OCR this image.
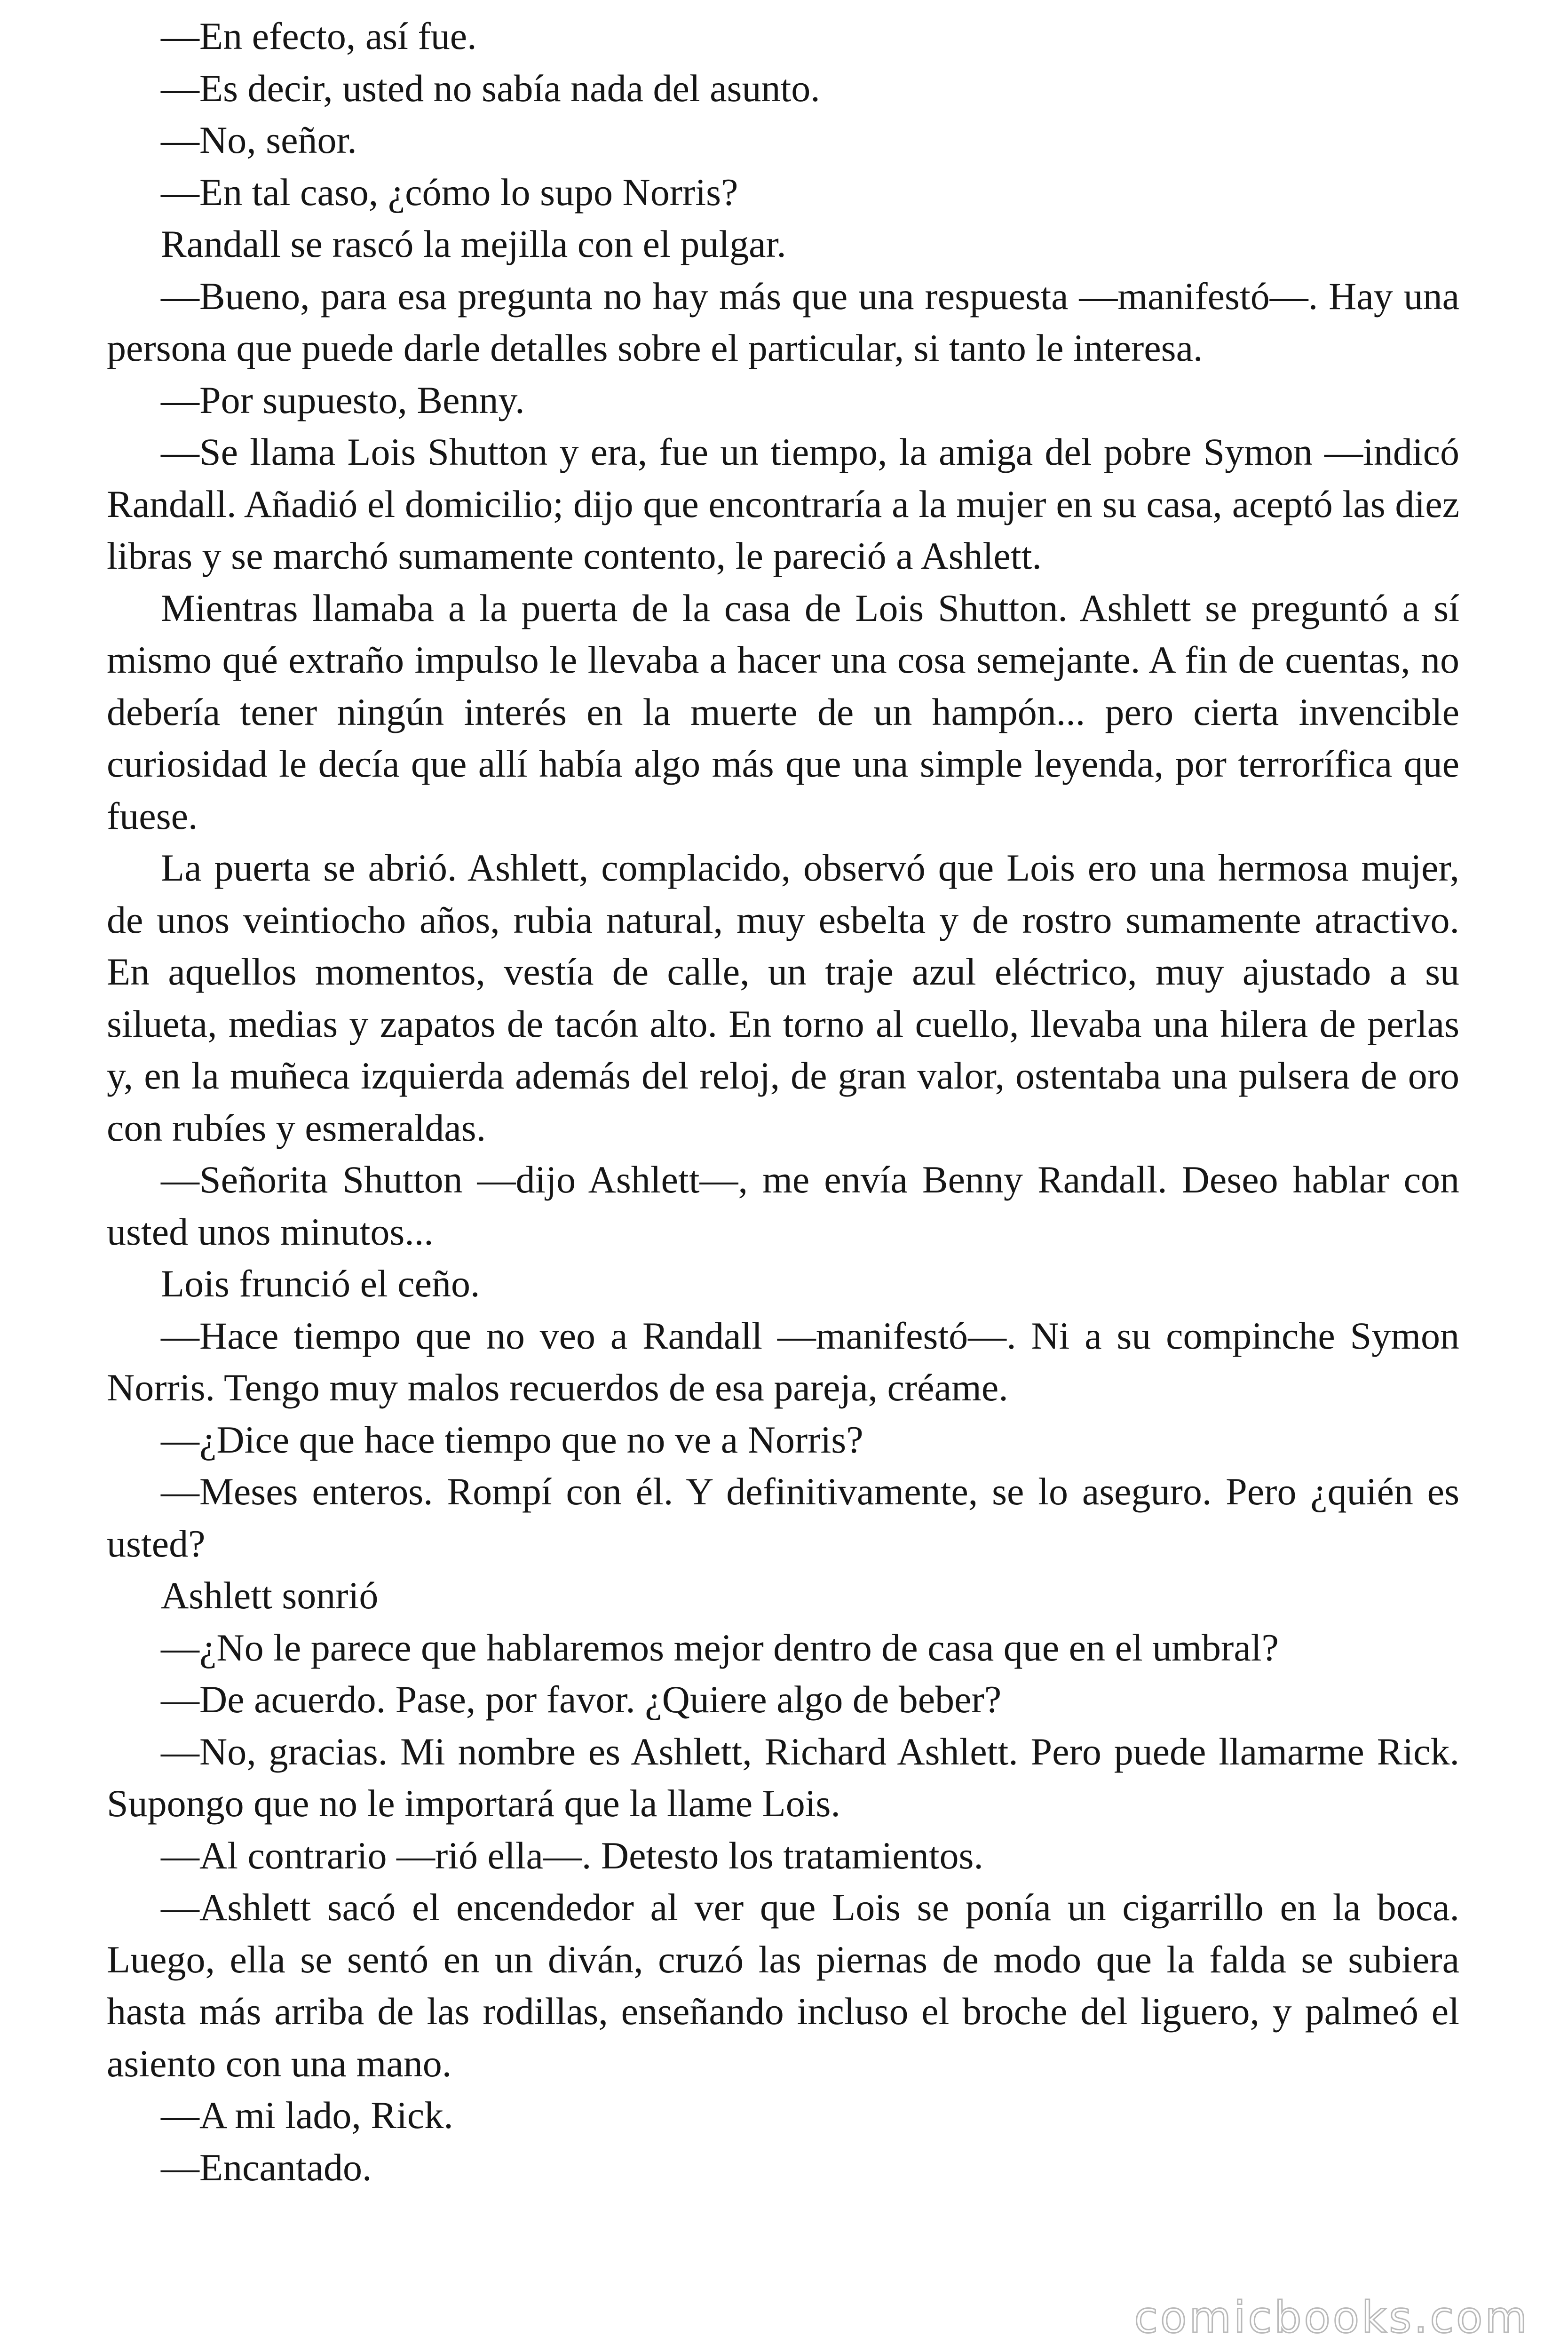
—En efecto, así fue.

—Es decir, usted no sabía nada del asunto.

—No, señor.

—En tal caso, ¿cómo lo supo Norris?

Randall se rascó la mejilla con el pulgar.

—Bueno, para esa pregunta no hay más que una respuesta —manifestó—. Hay una persona que puede darle detalles sobre el particular, si tanto le interesa.

—Por supuesto, Benny.

—Se llama Lois Shutton y era, fue un tiempo, la amiga del pobre Symon —indicó Randall. Añadió el domicilio; dijo que encontraría a la mujer en su casa, aceptó las diez libras y se marchó sumamente contento, le pareció a Ashlett.

Mientras llamaba a la puerta de la casa de Lois Shutton. Ashlett se preguntó a sí mismo qué extraño impulso le llevaba a hacer una cosa semejante. A fin de cuentas, no debería tener ningún interés en la muerte de un hampón... pero cierta invencible curiosidad le decía que allí había algo más que una simple leyenda, por terrorífica que fuese.

La puerta se abrió. Ashlett, complacido, observó que Lois ero una hermosa mujer, de unos veintiocho años, rubia natural, muy esbelta y de rostro sumamente atractivo. En aquellos momentos, vestía de calle, un traje azul eléctrico, muy ajustado a su silueta, medias y zapatos de tacón alto. En torno al cuello, llevaba una hilera de perlas y, en la muñeca izquierda además del reloj, de gran valor, ostentaba una pulsera de oro con rubíes y esmeraldas.

—Señorita Shutton —dijo Ashlett—, me envía Benny Randall. Deseo hablar con usted unos minutos...

Lois frunció el ceño.

—Hace tiempo que no veo a Randall —manifestó—. Ni a su compinche Symon Norris. Tengo muy malos recuerdos de esa pareja, créame.

—¿Dice que hace tiempo que no ve a Norris?

—Meses enteros. Rompí con él. Y definitivamente, se lo aseguro. Pero ¿quién es usted?

Ashlett sonrió

—¿No le parece que hablaremos mejor dentro de casa que en el umbral?

—De acuerdo. Pase, por favor. ¿Quiere algo de beber?

—No, gracias. Mi nombre es Ashlett, Richard Ashlett. Pero puede llamarme Rick. Supongo que no le importará que la llame Lois.

—Al contrario —rió ella—. Detesto los tratamientos.

—Ashlett sacó el encendedor al ver que Lois se ponía un cigarrillo en la boca. Luego, ella se sentó en un diván, cruzó las piernas de modo que la falda se subiera hasta más arriba de las rodillas, enseñando incluso el broche del liguero, y palmeó el asiento con una mano.

—A mi lado, Rick.

—Encantado.

comicbooks.com
